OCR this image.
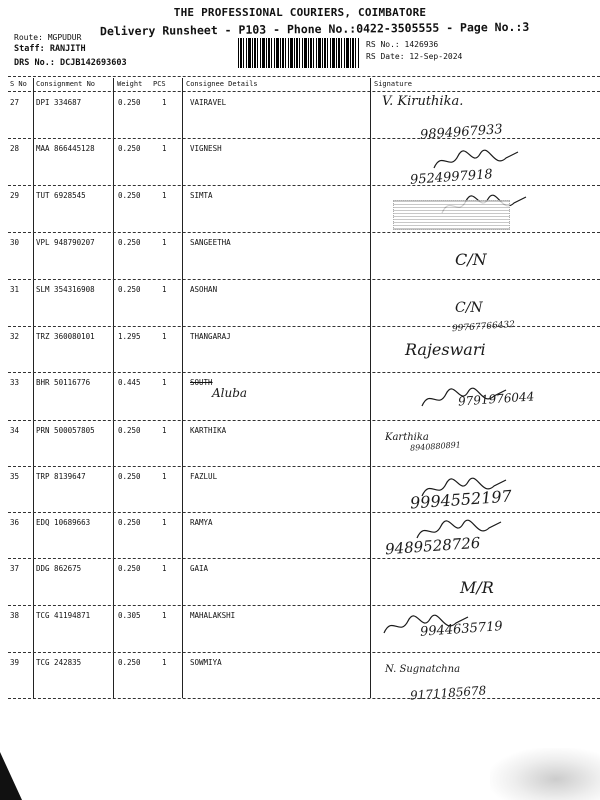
THE PROFESSIONAL COURIERS, COIMBATORE
Delivery Runsheet - P103 - Phone No.:0422-3505555 - Page No.:3
Route: MGPUDUR
Staff: RANJITH
DRS No.: DCJB142693603
RS No.: 1426936
RS Date: 12-Sep-2024
S No Consignment No	Weight PCS	Consignee Details	Signature
27 DPI 334687	0.250	1	VAIRAVEL	V. Kiruthika.
9894967933
28 MAA 866445128	0.250	1	VIGNESH
9524997918
29 TUT 6928545	0.250	1	SIMTA
30 VPL 948790207	0.250	1	SANGEETHA
C/N
31 SLM 354316908	0.250	1	ASOHAN
C/N
99767766432
32 TRZ 360080101	1.295	1	THANGARAJ
Rajeswari
33 BHR 50116776	0.445	1	SOUTH
Aluba	9791976044
34 PRN 500057805	0.250	1	KARTHIKA
Karthika
8940880891
35 TRP 8139647	0.250	1	FAZLUL
9994552197
36 EDQ 10689663	0.250	1	RAMYA
9489528726
37 DDG 862675	0.250	1	GAIA
M/R
38 TCG 41194871	0.305	1	MAHALAKSHI
9944635719
39 TCG 242835	0.250	1	SOWMIYA
N. Sugnatchna
9171185678
